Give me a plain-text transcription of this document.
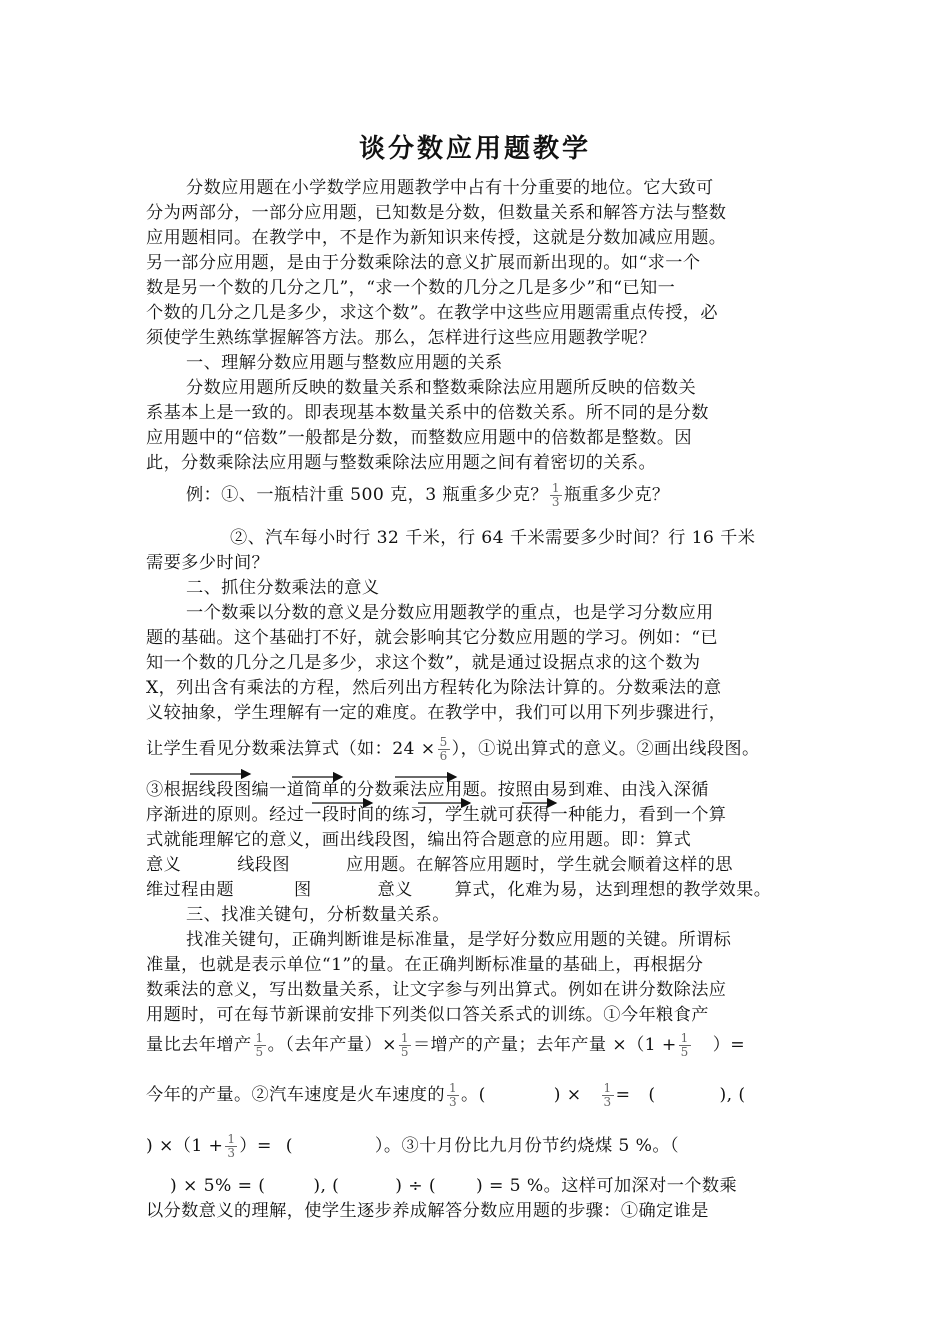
谈分数应用题教学
分数应用题在小学数学应用题教学中占有十分重要的地位。它大致可
分为两部分，一部分应用题，已知数是分数，但数量关系和解答方法与整数
应用题相同。在教学中，不是作为新知识来传授，这就是分数加减应用题。
另一部分应用题，是由于分数乘除法的意义扩展而新出现的。如“求一个
数是另一个数的几分之几”，“求一个数的几分之几是多少”和“已知一
个数的几分之几是多少，求这个数”。在教学中这些应用题需重点传授，必
须使学生熟练掌握解答方法。那么，怎样进行这些应用题教学呢？
一、理解分数应用题与整数应用题的关系
分数应用题所反映的数量关系和整数乘除法应用题所反映的倍数关
系基本上是一致的。即表现基本数量关系中的倍数关系。所不同的是分数
应用题中的“倍数”一般都是分数，而整数应用题中的倍数都是整数。因
此，分数乘除法应用题与整数乘除法应用题之间有着密切的关系。
例：①、一瓶桔汁重 500 克，3 瓶重多少克？ $\frac{1}{3}$ 瓶重多少克？
②、汽车每小时行 32 千米，行 64 千米需要多少时间？行 16 千米
需要多少时间？
二、抓住分数乘法的意义
一个数乘以分数的意义是分数应用题教学的重点，也是学习分数应用
题的基础。这个基础打不好，就会影响其它分数应用题的学习。例如：“已
知一个数的几分之几是多少，求这个数”，就是通过设据点求的这个数为
X，列出含有乘法的方程，然后列出方程转化为除法计算的。分数乘法的意
义较抽象，学生理解有一定的难度。在教学中，我们可以用下列步骤进行，
让学生看见分数乘法算式（如：$24 \times \frac{5}{6}$ ），①说出算式的意义。②画出线段图。
③根据线段图编一道简单的分数乘法应用题。按照由易到难、由浅入深循
序渐进的原则。经过一段时间的练习，学生就可获得一种能力，看到一个算
式就能理解它的意义，画出线段图，编出符合题意的应用题。即：算式
意义	线段图	应用题。在解答应用题时，学生就会顺着这样的思
维过程由题	图	意义 算式，化难为易，达到理想的教学效果。
三、找准关键句，分析数量关系。
找准关键句，正确判断谁是标准量，是学好分数应用题的关键。所谓标
准量，也就是表示单位“1”的量。在正确判断标准量的基础上，再根据分
数乘法的意义，写出数量关系，让文字参与列出算式。例如在讲分数除法应
用题时，可在每节新课前安排下列类似口答关系式的训练。①今年粮食产
量比去年增产 $\frac{1}{5}$ 。（去年产量）× $\frac{1}{5}$ ＝增产的产量；去年产量 $\times(1 + \frac{1}{5}$ ）=
今年的产量。②汽车速度是火车速度的 $\frac{1}{3}$ 。(	) × $\frac{1}{3}$ = (	), (
) $\times(1 + \frac{1}{3}$ ）= (	）。③十月份比九月份节约烧煤 5 %。（
) × 5% = (	), (	) ÷ ( ) = 5 %。这样可加深对一个数乘
以分数意义的理解，使学生逐步养成解答分数应用题的步骤：①确定谁是
